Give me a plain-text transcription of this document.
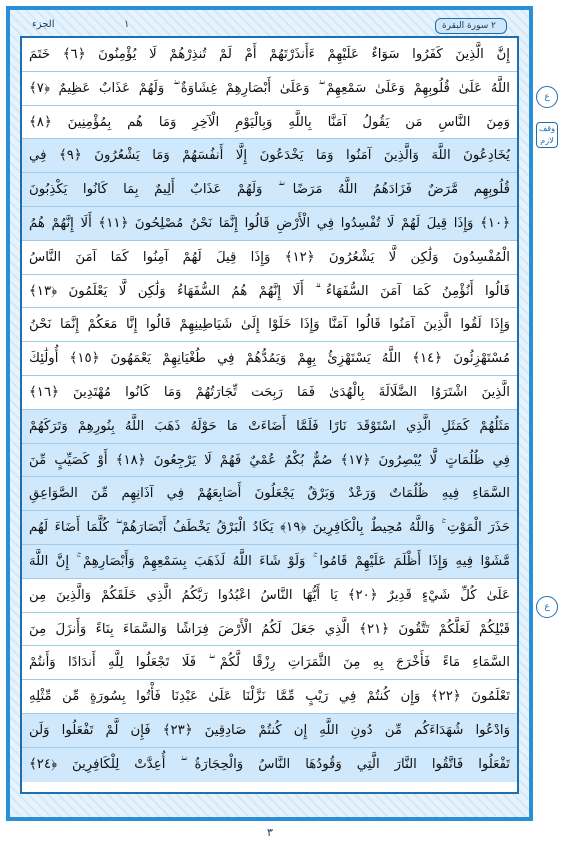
الجزء	١	٢ سورة البقرة
إِنَّ الَّذِينَ كَفَرُوا سَوَاءٌ عَلَيْهِمْ ءَأَنذَرْتَهُمْ أَمْ لَمْ تُنذِرْهُمْ لَا يُؤْمِنُونَ ﴿٦﴾ خَتَمَ
اللَّهُ عَلَىٰ قُلُوبِهِمْ وَعَلَىٰ سَمْعِهِمْ ۖ وَعَلَىٰ أَبْصَارِهِمْ غِشَاوَةٌ ۖ وَلَهُمْ عَذَابٌ عَظِيمٌ ﴿٧﴾
وَمِنَ النَّاسِ مَن يَقُولُ آمَنَّا بِاللَّهِ وَبِالْيَوْمِ الْآخِرِ وَمَا هُم بِمُؤْمِنِينَ ﴿٨﴾
يُخَادِعُونَ اللَّهَ وَالَّذِينَ آمَنُوا وَمَا يَخْدَعُونَ إِلَّا أَنفُسَهُمْ وَمَا يَشْعُرُونَ ﴿٩﴾ فِي
قُلُوبِهِم مَّرَضٌ فَزَادَهُمُ اللَّهُ مَرَضًا ۖ وَلَهُمْ عَذَابٌ أَلِيمٌ بِمَا كَانُوا يَكْذِبُونَ
﴿١٠﴾ وَإِذَا قِيلَ لَهُمْ لَا تُفْسِدُوا فِي الْأَرْضِ قَالُوا إِنَّمَا نَحْنُ مُصْلِحُونَ ﴿١١﴾ أَلَا إِنَّهُمْ هُمُ
الْمُفْسِدُونَ وَلَٰكِن لَّا يَشْعُرُونَ ﴿١٢﴾ وَإِذَا قِيلَ لَهُمْ آمِنُوا كَمَا آمَنَ النَّاسُ
قَالُوا أَنُؤْمِنُ كَمَا آمَنَ السُّفَهَاءُ ۗ أَلَا إِنَّهُمْ هُمُ السُّفَهَاءُ وَلَٰكِن لَّا يَعْلَمُونَ ﴿١٣﴾
وَإِذَا لَقُوا الَّذِينَ آمَنُوا قَالُوا آمَنَّا وَإِذَا خَلَوْا إِلَىٰ شَيَاطِينِهِمْ قَالُوا إِنَّا مَعَكُمْ إِنَّمَا نَحْنُ
مُسْتَهْزِئُونَ ﴿١٤﴾ اللَّهُ يَسْتَهْزِئُ بِهِمْ وَيَمُدُّهُمْ فِي طُغْيَانِهِمْ يَعْمَهُونَ ﴿١٥﴾ أُولَٰئِكَ
الَّذِينَ اشْتَرَوُا الضَّلَالَةَ بِالْهُدَىٰ فَمَا رَبِحَت تِّجَارَتُهُمْ وَمَا كَانُوا مُهْتَدِينَ ﴿١٦﴾
مَثَلُهُمْ كَمَثَلِ الَّذِي اسْتَوْقَدَ نَارًا فَلَمَّا أَضَاءَتْ مَا حَوْلَهُ ذَهَبَ اللَّهُ بِنُورِهِمْ وَتَرَكَهُمْ
فِي ظُلُمَاتٍ لَّا يُبْصِرُونَ ﴿١٧﴾ صُمٌّ بُكْمٌ عُمْيٌ فَهُمْ لَا يَرْجِعُونَ ﴿١٨﴾ أَوْ كَصَيِّبٍ مِّنَ
السَّمَاءِ فِيهِ ظُلُمَاتٌ وَرَعْدٌ وَبَرْقٌ يَجْعَلُونَ أَصَابِعَهُمْ فِي آذَانِهِم مِّنَ الصَّوَاعِقِ
حَذَرَ الْمَوْتِ ۚ وَاللَّهُ مُحِيطٌ بِالْكَافِرِينَ ﴿١٩﴾ يَكَادُ الْبَرْقُ يَخْطَفُ أَبْصَارَهُمْ ۖ كُلَّمَا أَضَاءَ لَهُم
مَّشَوْا فِيهِ وَإِذَا أَظْلَمَ عَلَيْهِمْ قَامُوا ۚ وَلَوْ شَاءَ اللَّهُ لَذَهَبَ بِسَمْعِهِمْ وَأَبْصَارِهِمْ ۚ إِنَّ اللَّهَ
عَلَىٰ كُلِّ شَيْءٍ قَدِيرٌ ﴿٢٠﴾ يَا أَيُّهَا النَّاسُ اعْبُدُوا رَبَّكُمُ الَّذِي خَلَقَكُمْ وَالَّذِينَ مِن
قَبْلِكُمْ لَعَلَّكُمْ تَتَّقُونَ ﴿٢١﴾ الَّذِي جَعَلَ لَكُمُ الْأَرْضَ فِرَاشًا وَالسَّمَاءَ بِنَاءً وَأَنزَلَ مِنَ
السَّمَاءِ مَاءً فَأَخْرَجَ بِهِ مِنَ الثَّمَرَاتِ رِزْقًا لَّكُمْ ۖ فَلَا تَجْعَلُوا لِلَّهِ أَندَادًا وَأَنتُمْ
تَعْلَمُونَ ﴿٢٢﴾ وَإِن كُنتُمْ فِي رَيْبٍ مِّمَّا نَزَّلْنَا عَلَىٰ عَبْدِنَا فَأْتُوا بِسُورَةٍ مِّن مِّثْلِهِ
وَادْعُوا شُهَدَاءَكُم مِّن دُونِ اللَّهِ إِن كُنتُمْ صَادِقِينَ ﴿٢٣﴾ فَإِن لَّمْ تَفْعَلُوا وَلَن
تَفْعَلُوا فَاتَّقُوا النَّارَ الَّتِي وَقُودُهَا النَّاسُ وَالْحِجَارَةُ ۖ أُعِدَّتْ لِلْكَافِرِينَ ﴿٢٤﴾
ع
وقف لازم
ع
٣
